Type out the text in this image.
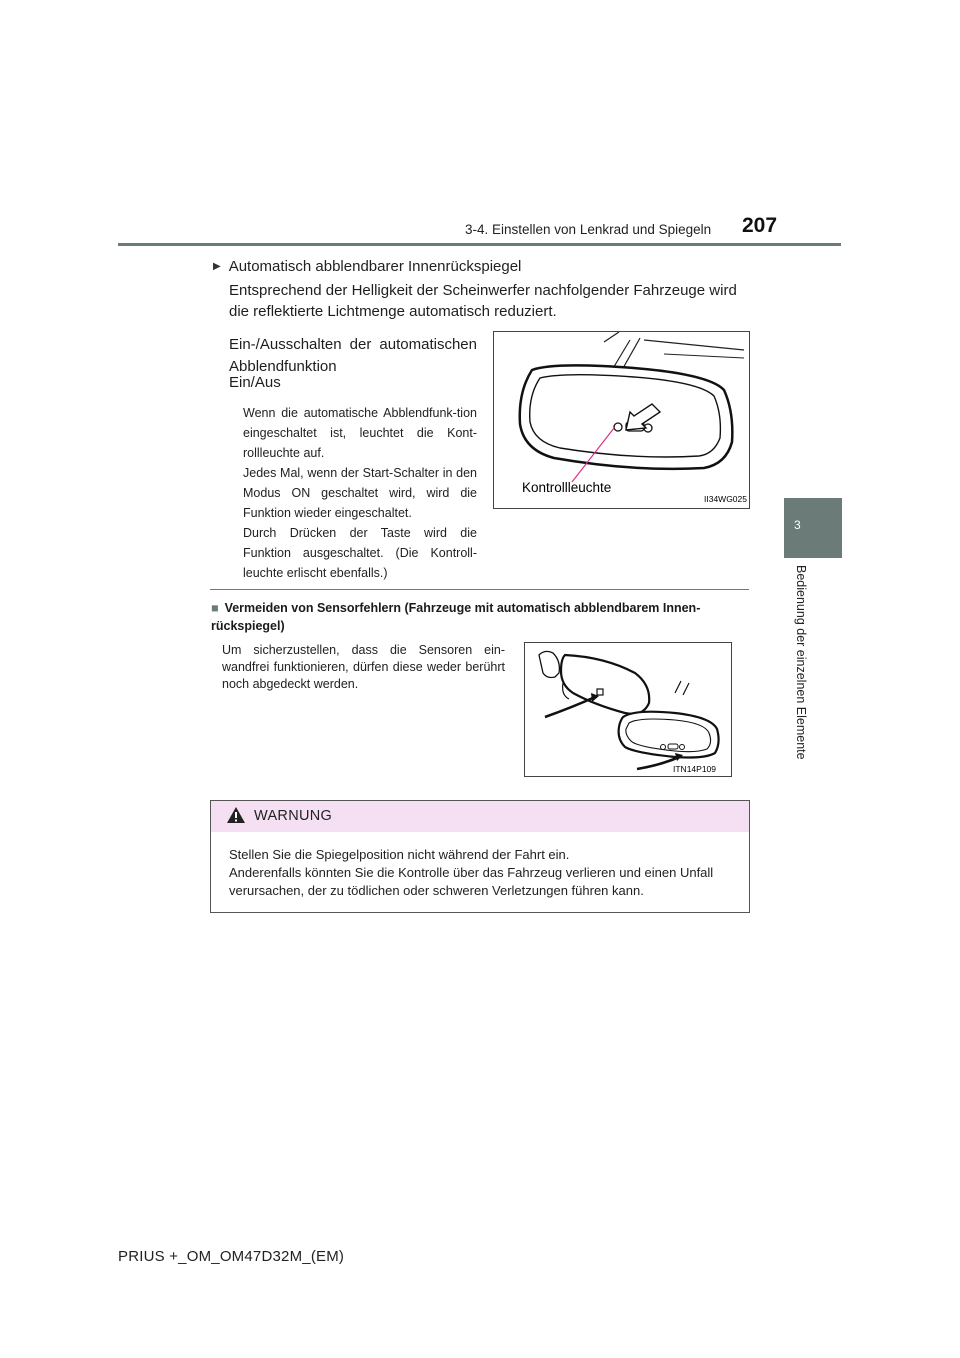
3-4. Einstellen von Lenkrad und Spiegeln 207
3
Bedienung der einzelnen Elemente
▶ Automatisch abblendbarer Innenrückspiegel
Entsprechend der Helligkeit der Scheinwerfer nachfolgender Fahrzeuge wird die reflektierte Lichtmenge automatisch reduziert.
Ein-/Ausschalten der automatischen Abblendfunktion
Ein/Aus
Wenn die automatische Abblendfunk-tion eingeschaltet ist, leuchtet die Kont-rollleuchte auf.
Jedes Mal, wenn der Start-Schalter in den Modus ON geschaltet wird, wird die Funktion wieder eingeschaltet.
Durch Drücken der Taste wird die Funktion ausgeschaltet. (Die Kontroll-leuchte erlischt ebenfalls.)
Kontrollleuchte
II34WG025
■ Vermeiden von Sensorfehlern (Fahrzeuge mit automatisch abblendbarem Innen-rückspiegel)
Um sicherzustellen, dass die Sensoren ein-wandfrei funktionieren, dürfen diese weder berührt noch abgedeckt werden.
ITN14P109
WARNUNG
Stellen Sie die Spiegelposition nicht während der Fahrt ein.
Anderenfalls könnten Sie die Kontrolle über das Fahrzeug verlieren und einen Unfall verursachen, der zu tödlichen oder schweren Verletzungen führen kann.
PRIUS +_OM_OM47D32M_(EM)
